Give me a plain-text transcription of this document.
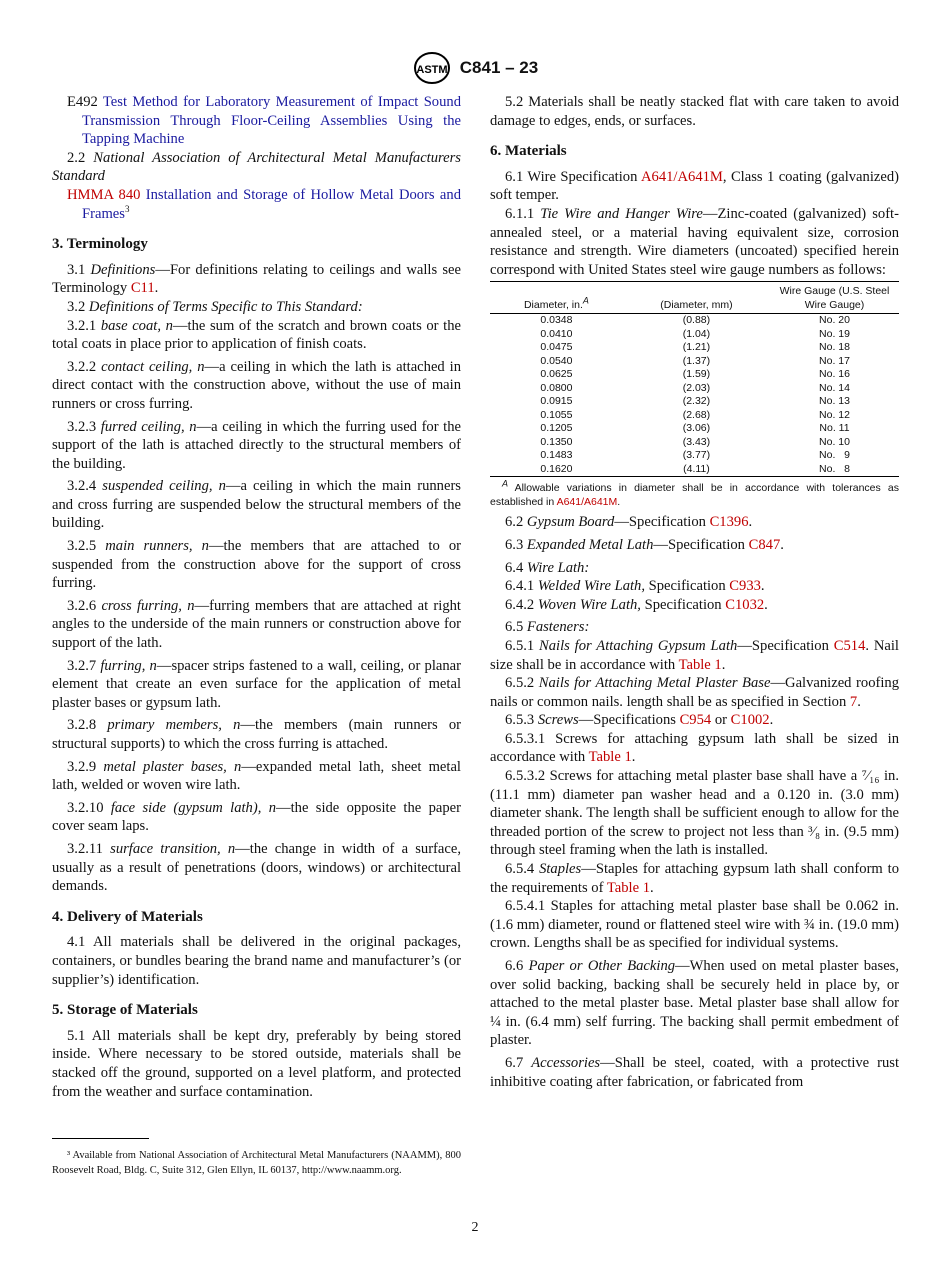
ASTM C841 – 23

E492 Test Method for Laboratory Measurement of Impact Sound Transmission Through Floor-Ceiling Assemblies Using the Tapping Machine

2.2 National Association of Architectural Metal Manufacturers Standard

HMMA 840 Installation and Storage of Hollow Metal Doors and Frames$^3$

3. Terminology

3.1 Definitions—For definitions relating to ceilings and walls see Terminology C11.

3.2 Definitions of Terms Specific to This Standard:

3.2.1 base coat, n—the sum of the scratch and brown coats or the total coats in place prior to application of finish coats.

3.2.2 contact ceiling, n—a ceiling in which the lath is attached in direct contact with the construction above, without the use of main runners or cross furring.

3.2.3 furred ceiling, n—a ceiling in which the furring used for the support of the lath is attached directly to the structural members of the building.

3.2.4 suspended ceiling, n—a ceiling in which the main runners and cross furring are suspended below the structural members of the building.

3.2.5 main runners, n—the members that are attached to or suspended from the construction above for the support of cross furring.

3.2.6 cross furring, n—furring members that are attached at right angles to the underside of the main runners or construction above for support of the lath.

3.2.7 furring, n—spacer strips fastened to a wall, ceiling, or planar element that create an even surface for the application of metal plaster bases or gypsum lath.

3.2.8 primary members, n—the members (main runners or structural supports) to which the cross furring is attached.

3.2.9 metal plaster bases, n—expanded metal lath, sheet metal lath, welded or woven wire lath.

3.2.10 face side (gypsum lath), n—the side opposite the paper cover seam laps.

3.2.11 surface transition, n—the change in width of a surface, usually as a result of penetrations (doors, windows) or architectural demands.

4. Delivery of Materials

4.1 All materials shall be delivered in the original packages, containers, or bundles bearing the brand name and manufacturer’s (or supplier’s) identification.

5. Storage of Materials

5.1 All materials shall be kept dry, preferably by being stored inside. Where necessary to be stored outside, materials shall be stacked off the ground, supported on a level platform, and protected from the weather and surface contamination.

³ Available from National Association of Architectural Metal Manufacturers (NAAMM), 800 Roosevelt Road, Bldg. C, Suite 312, Glen Ellyn, IL 60137, http://www.naamm.org.

5.2 Materials shall be neatly stacked flat with care taken to avoid damage to edges, ends, or surfaces.

6. Materials

6.1 Wire Specification A641/A641M, Class 1 coating (galvanized) soft temper.

6.1.1 Tie Wire and Hanger Wire—Zinc-coated (galvanized) soft-annealed steel, or a material having equivalent size, corrosion resistance and strength. Wire diameters (uncoated) specified herein correspond with United States steel wire gauge numbers as follows:

Diameter, in.$^A$	(Diameter, mm)	Wire Gauge (U.S. Steel Wire Gauge)
0.0348	(0.88)	No. 20
0.0410	(1.04)	No. 19
0.0475	(1.21)	No. 18
0.0540	(1.37)	No. 17
0.0625	(1.59)	No. 16
0.0800	(2.03)	No. 14
0.0915	(2.32)	No. 13
0.1055	(2.68)	No. 12
0.1205	(3.06)	No. 11
0.1350	(3.43)	No. 10
0.1483	(3.77)	No.   9
0.1620	(4.11)	No.   8

$^A$ Allowable variations in diameter shall be in accordance with tolerances as established in A641/A641M.

6.2 Gypsum Board—Specification C1396.

6.3 Expanded Metal Lath—Specification C847.

6.4 Wire Lath:

6.4.1 Welded Wire Lath, Specification C933.

6.4.2 Woven Wire Lath, Specification C1032.

6.5 Fasteners:

6.5.1 Nails for Attaching Gypsum Lath—Specification C514. Nail size shall be in accordance with Table 1.

6.5.2 Nails for Attaching Metal Plaster Base—Galvanized roofing nails or common nails. length shall be as specified in Section 7.

6.5.3 Screws—Specifications C954 or C1002.

6.5.3.1 Screws for attaching gypsum lath shall be sized in accordance with Table 1.

6.5.3.2 Screws for attaching metal plaster base shall have a ⁷⁄₁₆ in. (11.1 mm) diameter pan washer head and a 0.120 in. (3.0 mm) diameter shank. The length shall be sufficient enough to allow for the threaded portion of the screw to project not less than ³⁄₈ in. (9.5 mm) through steel framing when the lath is installed.

6.5.4 Staples—Staples for attaching gypsum lath shall conform to the requirements of Table 1.

6.5.4.1 Staples for attaching metal plaster base shall be 0.062 in. (1.6 mm) diameter, round or flattened steel wire with ¾ in. (19.0 mm) crown. Lengths shall be as specified for individual systems.

6.6 Paper or Other Backing—When used on metal plaster bases, over solid backing, backing shall be securely held in place by, or attached to the metal plaster base. Metal plaster base shall allow for ¼ in. (6.4 mm) self furring. The backing shall permit embedment of plaster.

6.7 Accessories—Shall be steel, coated, with a protective rust inhibitive coating after fabrication, or fabricated from

2
